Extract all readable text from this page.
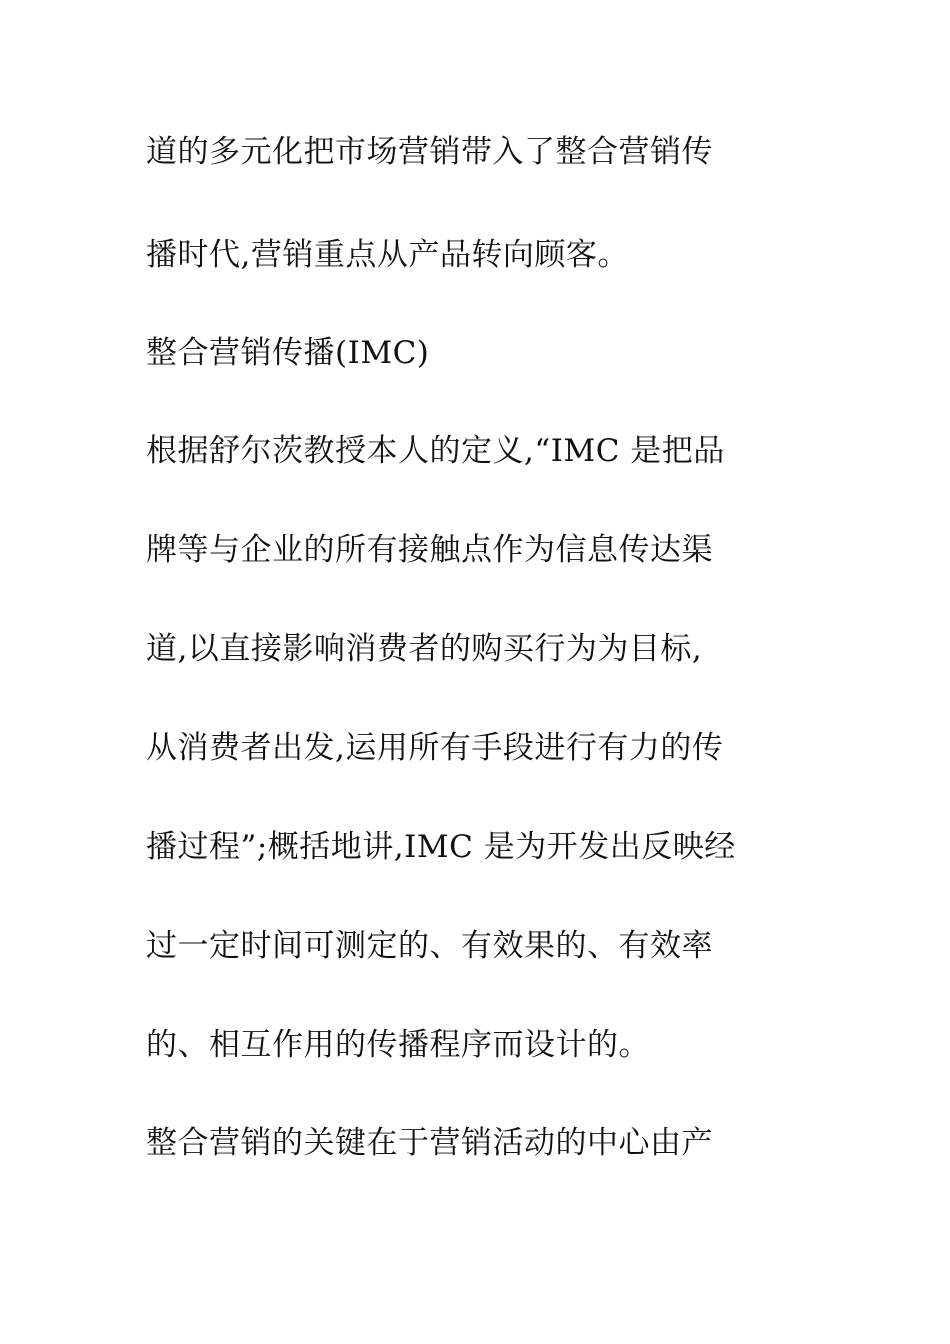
道的多元化把市场营销带入了整合营销传
播时代,营销重点从产品转向顾客。
整合营销传播(IMC)
根据舒尔茨教授本人的定义,“IMC 是把品
牌等与企业的所有接触点作为信息传达渠
道,以直接影响消费者的购买行为为目标,
从消费者出发,运用所有手段进行有力的传
播过程”;概括地讲,IMC 是为开发出反映经
过一定时间可测定的、有效果的、有效率
的、相互作用的传播程序而设计的。
整合营销的关键在于营销活动的中心由产
